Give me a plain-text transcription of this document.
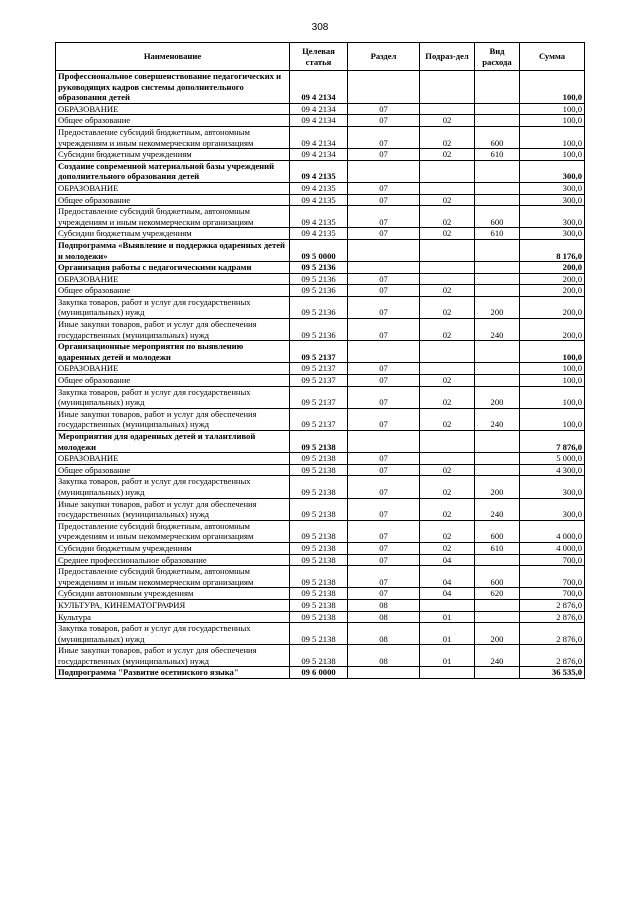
308
Наименование	Целевая статья	Раздел	Подраз-дел	Вид расхода	Сумма
Профессиональное совершенствование педагогических и руководящих кадров системы дополнительного образования детей	09 4 2134				100,0
ОБРАЗОВАНИЕ	09 4 2134	07			100,0
Общее образование	09 4 2134	07	02		100,0
Предоставление субсидий бюджетным, автономным учреждениям и иным некоммерческим организациям	09 4 2134	07	02	600	100,0
Субсидии бюджетным учреждениям	09 4 2134	07	02	610	100,0
Создание современной материальной базы учреждений дополнительного образования детей	09 4 2135				300,0
ОБРАЗОВАНИЕ	09 4 2135	07			300,0
Общее образование	09 4 2135	07	02		300,0
Предоставление субсидий бюджетным, автономным учреждениям и иным некоммерческим организациям	09 4 2135	07	02	600	300,0
Субсидии бюджетным учреждениям	09 4 2135	07	02	610	300,0
Подпрограмма «Выявление и поддержка одаренных детей и молодежи»	09 5 0000				8 176,0
Организация работы с педагогическими кадрами	09 5 2136				200,0
ОБРАЗОВАНИЕ	09 5 2136	07			200,0
Общее образование	09 5 2136	07	02		200,0
Закупка товаров, работ и услуг для государственных (муниципальных) нужд	09 5 2136	07	02	200	200,0
Иные закупки товаров, работ и услуг для обеспечения государственных (муниципальных) нужд	09 5 2136	07	02	240	200,0
Организационные мероприятия по выявлению одаренных детей и молодежи	09 5 2137				100,0
ОБРАЗОВАНИЕ	09 5 2137	07			100,0
Общее образование	09 5 2137	07	02		100,0
Закупка товаров, работ и услуг для государственных (муниципальных) нужд	09 5 2137	07	02	200	100,0
Иные закупки товаров, работ и услуг для обеспечения государственных (муниципальных) нужд	09 5 2137	07	02	240	100,0
Мероприятия для одаренных детей и талантливой молодежи	09 5 2138				7 876,0
ОБРАЗОВАНИЕ	09 5 2138	07			5 000,0
Общее образование	09 5 2138	07	02		4 300,0
Закупка товаров, работ и услуг для государственных (муниципальных) нужд	09 5 2138	07	02	200	300,0
Иные закупки товаров, работ и услуг для обеспечения государственных (муниципальных) нужд	09 5 2138	07	02	240	300,0
Предоставление субсидий бюджетным, автономным учреждениям и иным некоммерческим организациям	09 5 2138	07	02	600	4 000,0
Субсидии бюджетным учреждениям	09 5 2138	07	02	610	4 000,0
Среднее профессиональное образование	09 5 2138	07	04		700,0
Предоставление субсидий бюджетным, автономным учреждениям и иным некоммерческим организациям	09 5 2138	07	04	600	700,0
Субсидии автономным учреждениям	09 5 2138	07	04	620	700,0
КУЛЬТУРА, КИНЕМАТОГРАФИЯ	09 5 2138	08			2 876,0
Культура	09 5 2138	08	01		2 876,0
Закупка товаров, работ и услуг для государственных (муниципальных) нужд	09 5 2138	08	01	200	2 876,0
Иные закупки товаров, работ и услуг для обеспечения государственных (муниципальных) нужд	09 5 2138	08	01	240	2 876,0
Подпрограмма "Развитие осетинского языка"	09 6 0000				36 535,0
